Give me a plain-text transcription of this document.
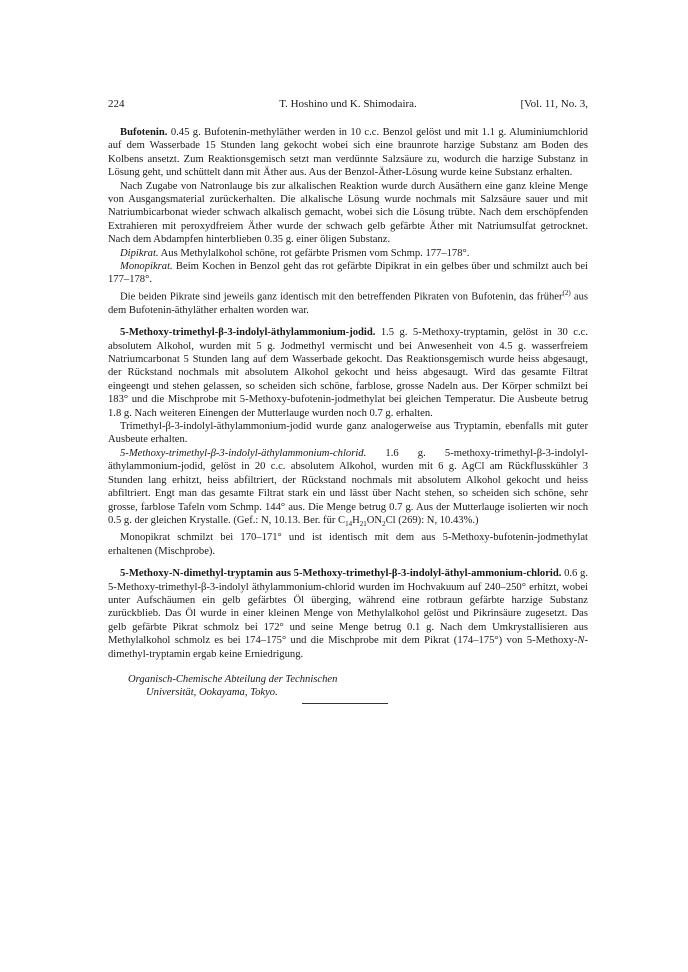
224	T. Hoshino und K. Shimodaira.	[Vol. 11, No. 3,

Bufotenin. 0.45 g. Bufotenin-methyläther werden in 10 c.c. Benzol gelöst und mit 1.1 g. Aluminiumchlorid auf dem Wasserbade 15 Stunden lang gekocht wobei sich eine braunrote harzige Substanz am Boden des Kolbens ansetzt. Zum Reaktionsgemisch setzt man verdünnte Salzsäure zu, wodurch die harzige Substanz in Lösung geht, und schüttelt dann mit Äther aus. Aus der Benzol-Äther-Lösung wurde keine Substanz erhalten.

Nach Zugabe von Natronlauge bis zur alkalischen Reaktion wurde durch Ausäthern eine ganz kleine Menge von Ausgangsmaterial zurückerhalten. Die alkalische Lösung wurde nochmals mit Salzsäure sauer und mit Natriumbicarbonat wieder schwach alkalisch gemacht, wobei sich die Lösung trübte. Nach dem erschöpfenden Extrahieren mit peroxydfreiem Äther wurde der schwach gelb gefärbte Äther mit Natriumsulfat getrocknet. Nach dem Abdampfen hinterblieben 0.35 g. einer öligen Substanz.

Dipikrat. Aus Methylalkohol schöne, rot gefärbte Prismen vom Schmp. 177–178°.

Monopikrat. Beim Kochen in Benzol geht das rot gefärbte Dipikrat in ein gelbes über und schmilzt auch bei 177–178°.

Die beiden Pikrate sind jeweils ganz identisch mit den betreffenden Pikraten von Bufotenin, das früher$^{(2)}$ aus dem Bufotenin-äthyläther erhalten worden war.

5-Methoxy-trimethyl-β-3-indolyl-äthylammonium-jodid. 1.5 g. 5-Methoxy-tryptamin, gelöst in 30 c.c. absolutem Alkohol, wurden mit 5 g. Jodmethyl vermischt und bei Anwesenheit von 4.5 g. wasserfreiem Natriumcarbonat 5 Stunden lang auf dem Wasserbade gekocht. Das Reaktionsgemisch wurde heiss abgesaugt, der Rückstand nochmals mit absolutem Alkohol gekocht und heiss abgesaugt. Wird das gesamte Filtrat eingeengt und stehen gelassen, so scheiden sich schöne, farblose, grosse Nadeln aus. Der Körper schmilzt bei 183° und die Mischprobe mit 5-Methoxy-bufotenin-jodmethylat bei gleichen Temperatur. Die Ausbeute betrug 1.8 g. Nach weiteren Einengen der Mutterlauge wurden noch 0.7 g. erhalten.

Trimethyl-β-3-indolyl-äthylammonium-jodid wurde ganz analogerweise aus Tryptamin, ebenfalls mit guter Ausbeute erhalten.

5-Methoxy-trimethyl-β-3-indolyl-äthylammonium-chlorid. 1.6 g. 5-methoxy-trimethyl-β-3-indolyl-äthylammonium-jodid, gelöst in 20 c.c. absolutem Alkohol, wurden mit 6 g. AgCl am Rückflusskühler 3 Stunden lang erhitzt, heiss abfiltriert, der Rückstand nochmals mit absolutem Alkohol gekocht und heiss abfiltriert. Engt man das gesamte Filtrat stark ein und lässt über Nacht stehen, so scheiden sich schöne, sehr grosse, farblose Tafeln vom Schmp. 144° aus. Die Menge betrug 0.7 g. Aus der Mutterlauge isolierten wir noch 0.5 g. der gleichen Krystalle. (Gef.: N, 10.13. Ber. für $C_{14}H_{21}ON_2Cl$ (269): N, 10.43%.)

Monopikrat schmilzt bei 170–171° und ist identisch mit dem aus 5-Methoxy-bufotenin-jodmethylat erhaltenen (Mischprobe).

5-Methoxy-N-dimethyl-tryptamin aus 5-Methoxy-trimethyl-β-3-indolyl-äthyl-ammonium-chlorid. 0.6 g. 5-Methoxy-trimethyl-β-3-indolyl äthylammonium-chlorid wurden im Hochvakuum auf 240–250° erhitzt, wobei unter Aufschäumen ein gelb gefärbtes Öl überging, während eine rotbraun gefärbte harzige Substanz zurückblieb. Das Öl wurde in einer kleinen Menge von Methylalkohol gelöst und Pikrinsäure zugesetzt. Das gelb gefärbte Pikrat schmolz bei 172° und seine Menge betrug 0.1 g. Nach dem Umkrystallisieren aus Methylalkohol schmolz es bei 174–175° und die Mischprobe mit dem Pikrat (174–175°) von 5-Methoxy-N-dimethyl-tryptamin ergab keine Erniedrigung.

Organisch-Chemische Abteilung der Technischen
Universität, Ookayama, Tokyo.
